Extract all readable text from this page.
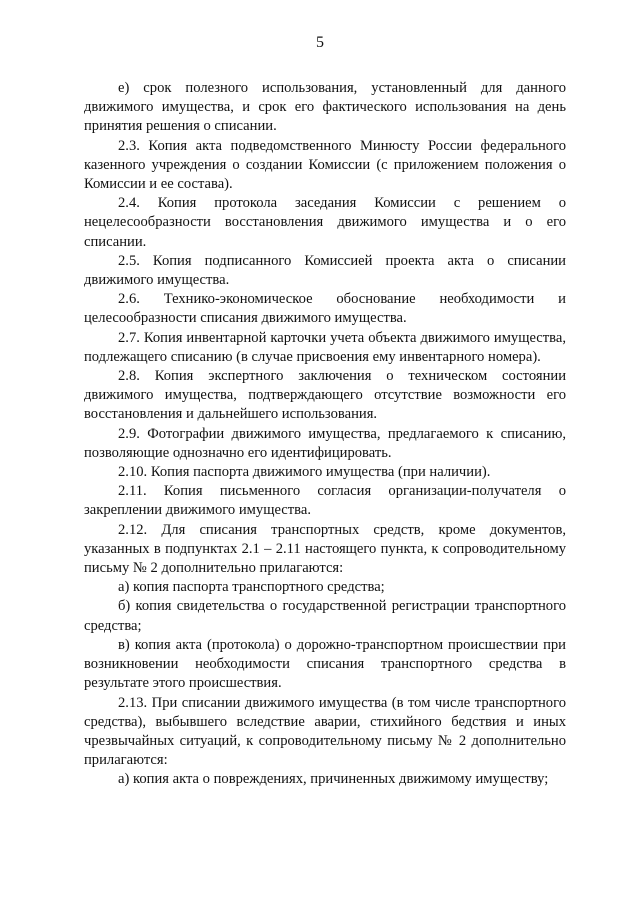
5

е) срок полезного использования, установленный для данного движимого имущества, и срок его фактического использования на день принятия решения о списании.

2.3. Копия акта подведомственного Минюсту России федерального казенного учреждения о создании Комиссии (с приложением положения о Комиссии и ее состава).

2.4. Копия протокола заседания Комиссии с решением о нецелесообразности восстановления движимого имущества и о его списании.

2.5. Копия подписанного Комиссией проекта акта о списании движимого имущества.

2.6. Технико-экономическое обоснование необходимости и целесообразности списания движимого имущества.

2.7. Копия инвентарной карточки учета объекта движимого имущества, подлежащего списанию (в случае присвоения ему инвентарного номера).

2.8. Копия экспертного заключения о техническом состоянии движимого имущества, подтверждающего отсутствие возможности его восстановления и дальнейшего использования.

2.9. Фотографии движимого имущества, предлагаемого к списанию, позволяющие однозначно его идентифицировать.

2.10. Копия паспорта движимого имущества (при наличии).

2.11. Копия письменного согласия организации-получателя о закреплении движимого имущества.

2.12. Для списания транспортных средств, кроме документов, указанных в подпунктах 2.1 – 2.11 настоящего пункта, к сопроводительному письму № 2 дополнительно прилагаются:

а) копия паспорта транспортного средства;

б) копия свидетельства о государственной регистрации транспортного средства;

в) копия акта (протокола) о дорожно-транспортном происшествии при возникновении необходимости списания транспортного средства в результате этого происшествия.

2.13. При списании движимого имущества (в том числе транспортного средства), выбывшего вследствие аварии, стихийного бедствия и иных чрезвычайных ситуаций, к сопроводительному письму № 2 дополнительно прилагаются:

а) копия акта о повреждениях, причиненных движимому имуществу;
